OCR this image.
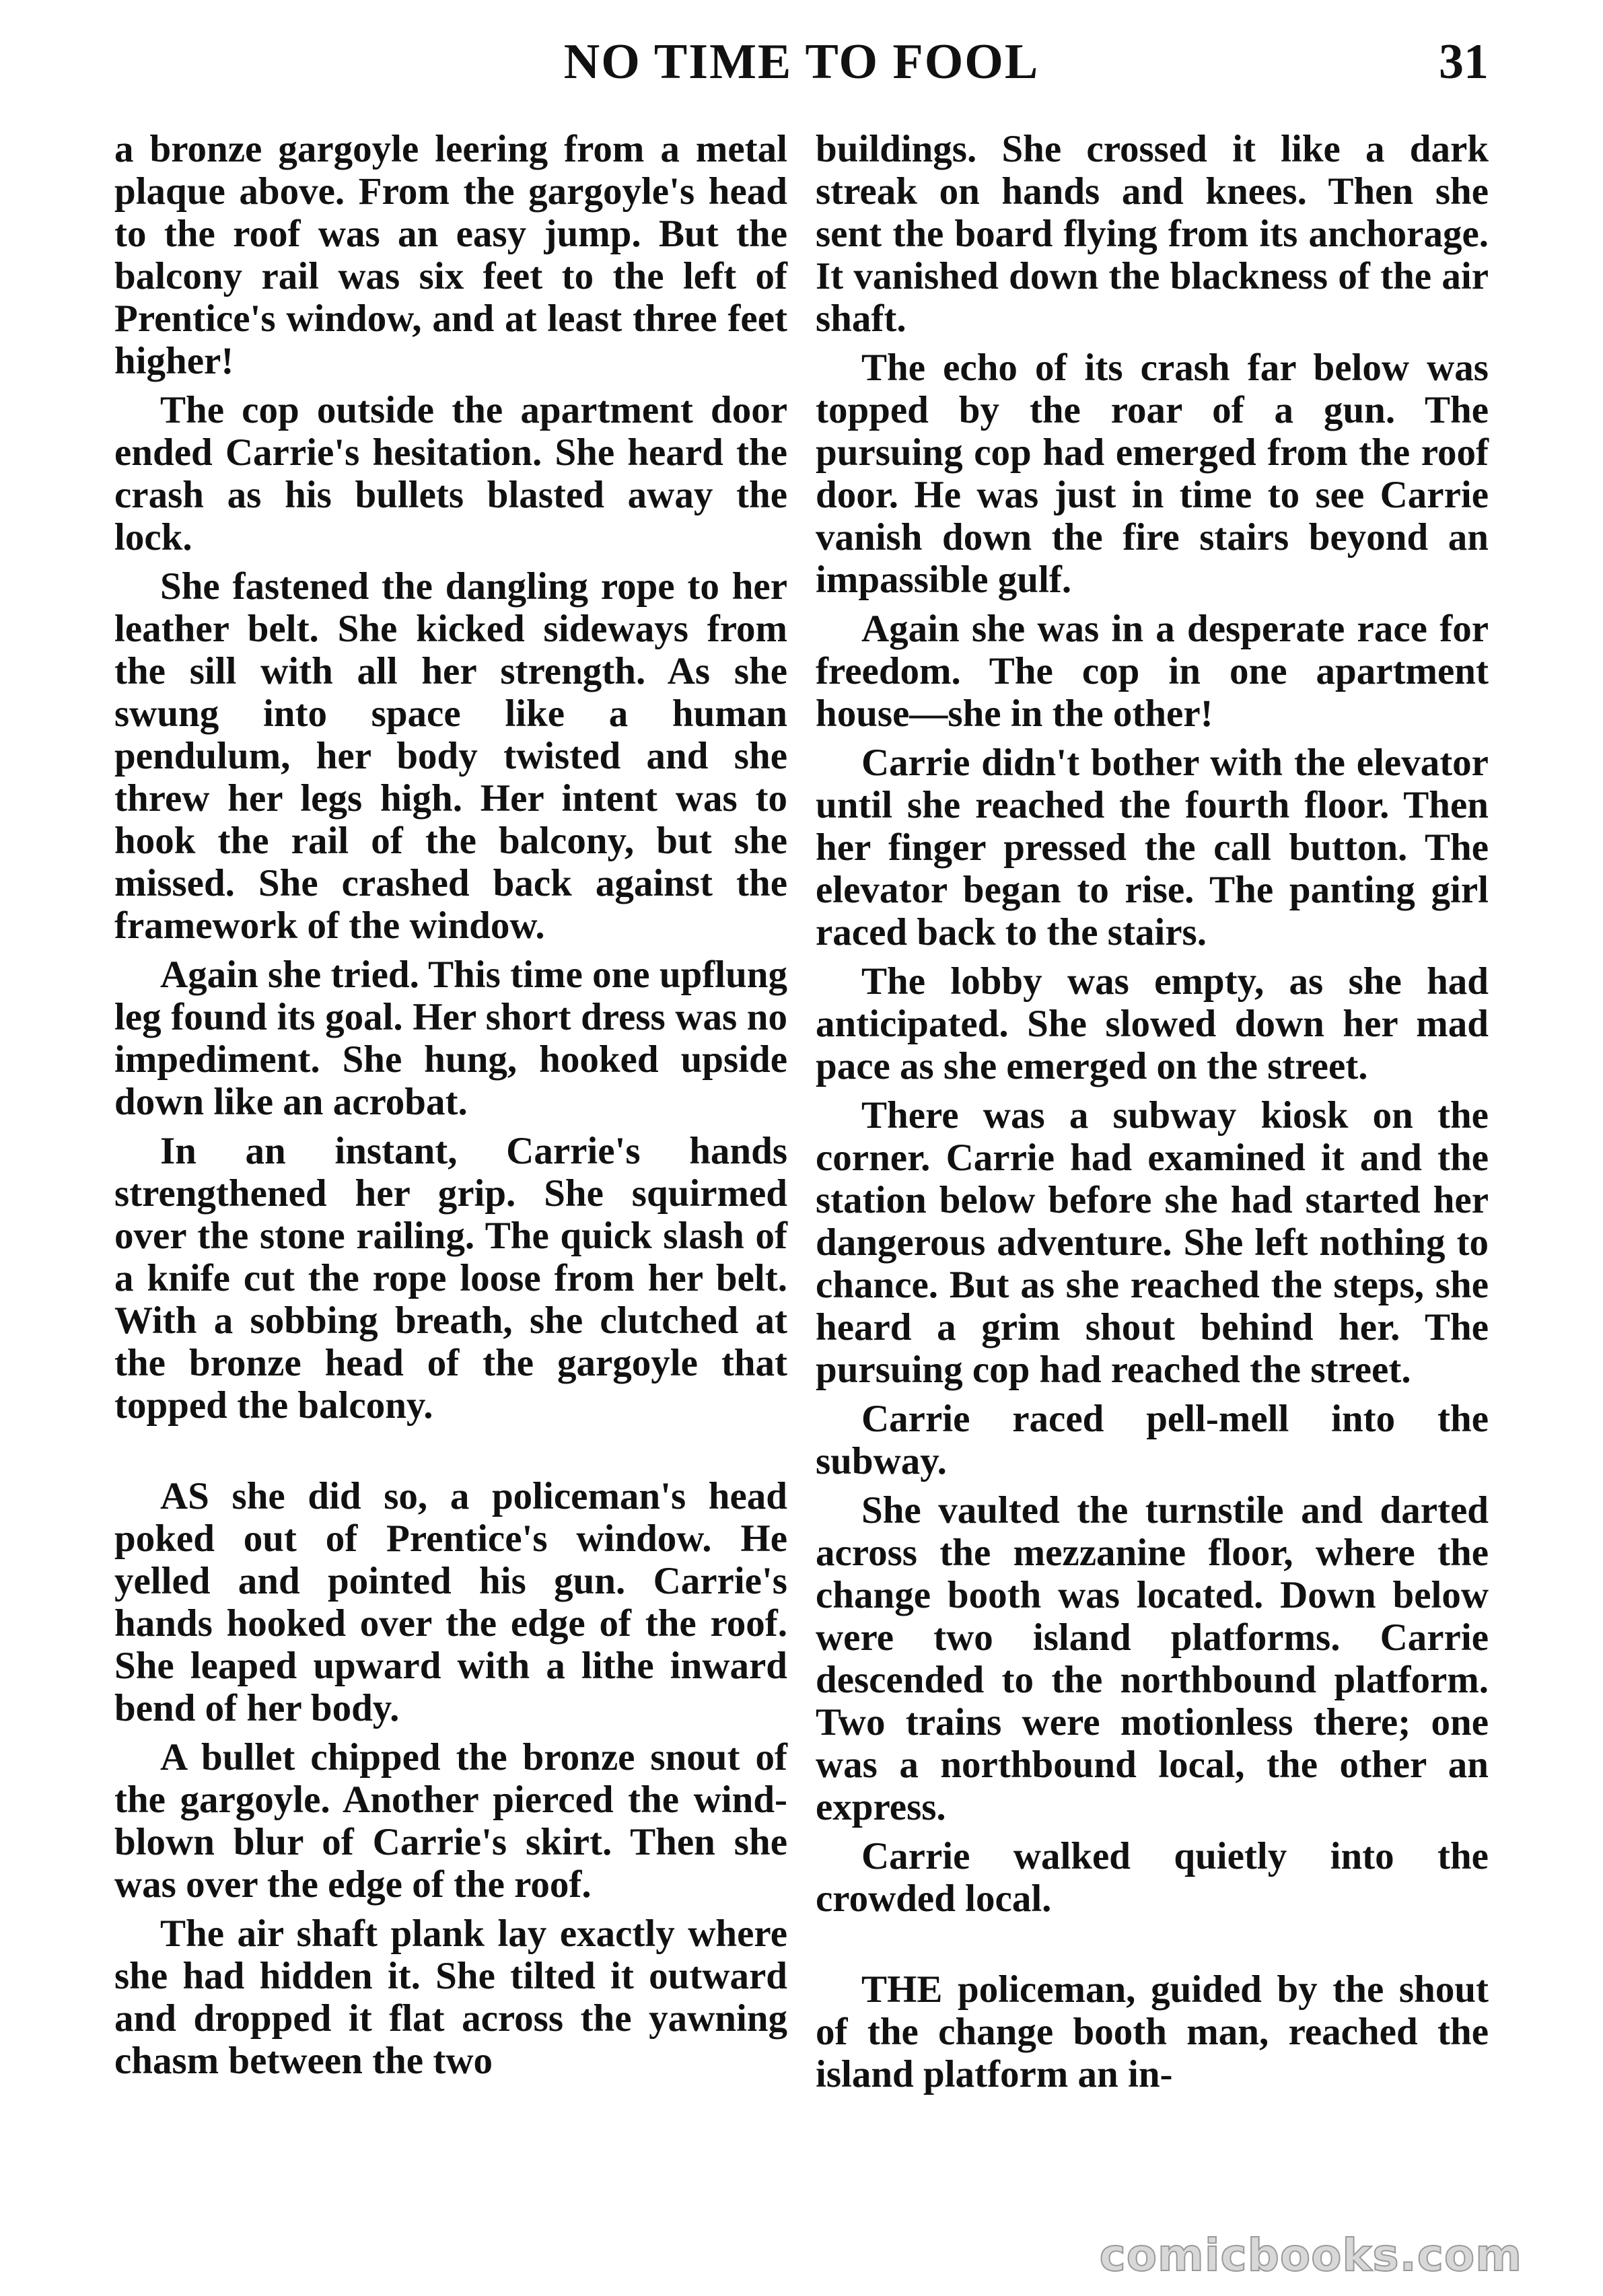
NO TIME TO FOOL	31

a bronze gargoyle leering from a metal plaque above. From the gargoyle's head to the roof was an easy jump. But the balcony rail was six feet to the left of Prentice's window, and at least three feet higher!

The cop outside the apartment door ended Carrie's hesitation. She heard the crash as his bullets blasted away the lock.

She fastened the dangling rope to her leather belt. She kicked sideways from the sill with all her strength. As she swung into space like a human pendulum, her body twisted and she threw her legs high. Her intent was to hook the rail of the balcony, but she missed. She crashed back against the framework of the window.

Again she tried. This time one upflung leg found its goal. Her short dress was no impediment. She hung, hooked upside down like an acrobat.

In an instant, Carrie's hands strengthened her grip. She squirmed over the stone railing. The quick slash of a knife cut the rope loose from her belt. With a sobbing breath, she clutched at the bronze head of the gargoyle that topped the balcony.

AS she did so, a policeman's head poked out of Prentice's window. He yelled and pointed his gun. Carrie's hands hooked over the edge of the roof. She leaped upward with a lithe inward bend of her body.

A bullet chipped the bronze snout of the gargoyle. Another pierced the wind-blown blur of Carrie's skirt. Then she was over the edge of the roof.

The air shaft plank lay exactly where she had hidden it. She tilted it outward and dropped it flat across the yawning chasm between the two

buildings. She crossed it like a dark streak on hands and knees. Then she sent the board flying from its anchorage. It vanished down the blackness of the air shaft.

The echo of its crash far below was topped by the roar of a gun. The pursuing cop had emerged from the roof door. He was just in time to see Carrie vanish down the fire stairs beyond an impassible gulf.

Again she was in a desperate race for freedom. The cop in one apartment house—she in the other!

Carrie didn't bother with the elevator until she reached the fourth floor. Then her finger pressed the call button. The elevator began to rise. The panting girl raced back to the stairs.

The lobby was empty, as she had anticipated. She slowed down her mad pace as she emerged on the street.

There was a subway kiosk on the corner. Carrie had examined it and the station below before she had started her dangerous adventure. She left nothing to chance. But as she reached the steps, she heard a grim shout behind her. The pursuing cop had reached the street.

Carrie raced pell-mell into the subway.

She vaulted the turnstile and darted across the mezzanine floor, where the change booth was located. Down below were two island platforms. Carrie descended to the northbound platform. Two trains were motionless there; one was a northbound local, the other an express.

Carrie walked quietly into the crowded local.

THE policeman, guided by the shout of the change booth man, reached the island platform an in-

comicbooks.com
